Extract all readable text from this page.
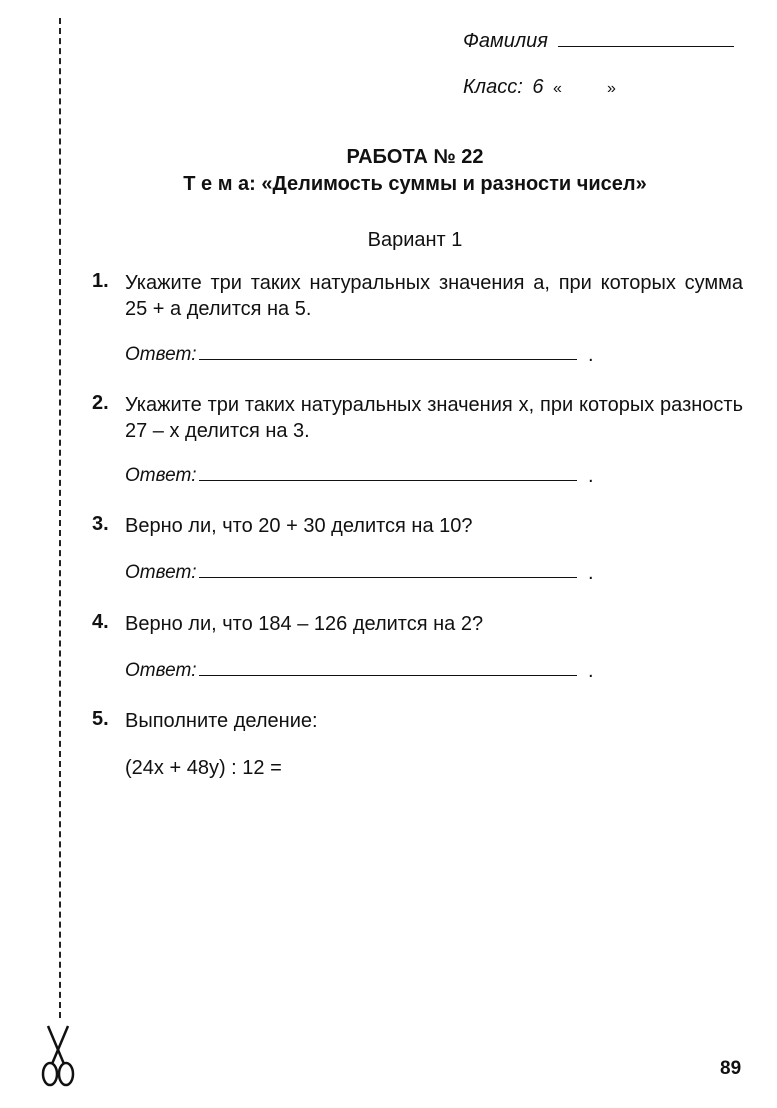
Фамилия
Класс: 6 «	»
РАБОТА № 22
Т е м а: «Делимость суммы и разности чисел»
Вариант 1
1. Укажите три таких натуральных значения a, при которых сумма 25 + a делится на 5.
Ответ:	.
2. Укажите три таких натуральных значения x, при которых разность 27 – x делится на 3.
Ответ:	.
3. Верно ли, что 20 + 30 делится на 10?
Ответ:	.
4. Верно ли, что 184 – 126 делится на 2?
Ответ:	.
5. Выполните деление:
(24x + 48y) : 12 =
89
